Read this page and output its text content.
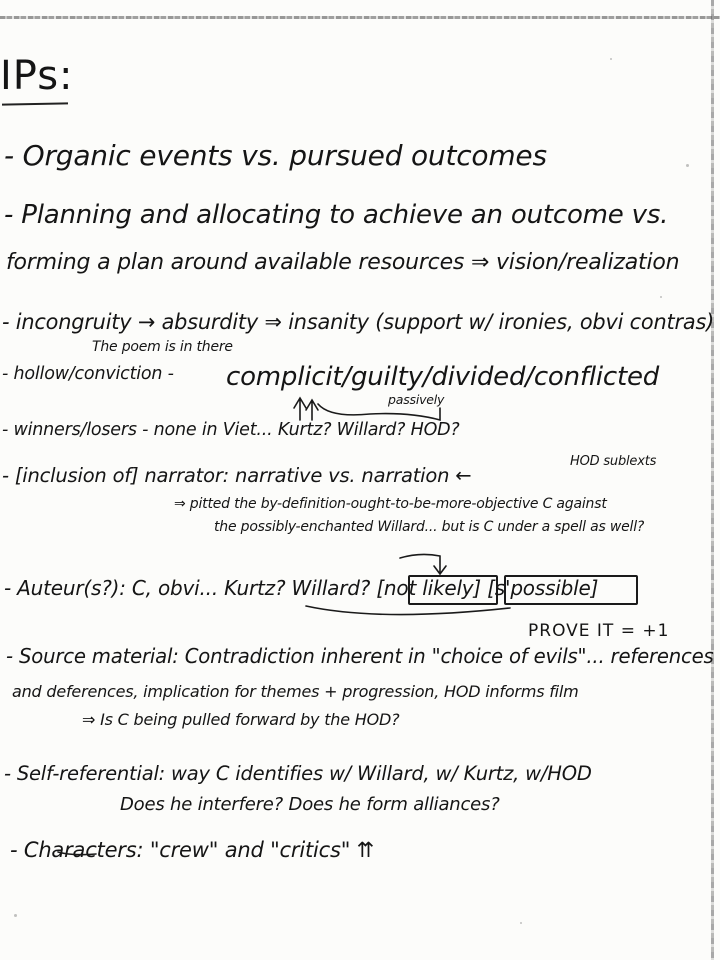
IPs:
- Organic events vs. pursued outcomes
- Planning and allocating to achieve an outcome vs.
forming a plan around available resources ⇒ vision/realization
- incongruity → absurdity ⇒ insanity (support w/ ironies, obvi contras)
The poem is in there
- hollow/conviction - complicit/guilty/divided/conflicted
passively
- winners/losers - none in Viet... Kurtz? Willard? HOD?
- [inclusion of] narrator: narrative vs. narration ←
HOD sublexts
⇒ pitted the by-definition-ought-to-be-more-objective C against
the possibly-enchanted Willard... but is C under a spell as well?
- Auteur(s?): C, obvi... Kurtz? Willard? [not likely] [s'possible]
PROVE IT = +1
- Source material: Contradiction inherent in "choice of evils"... references
and deferences, implication for themes + progression, HOD informs film
⇒ Is C being pulled forward by the HOD?
- Self-referential: way C identifies w/ Willard, w/ Kurtz, w/HOD
Does he interfere? Does he form alliances?
- Characters: "crew" and "critics" ⇈
